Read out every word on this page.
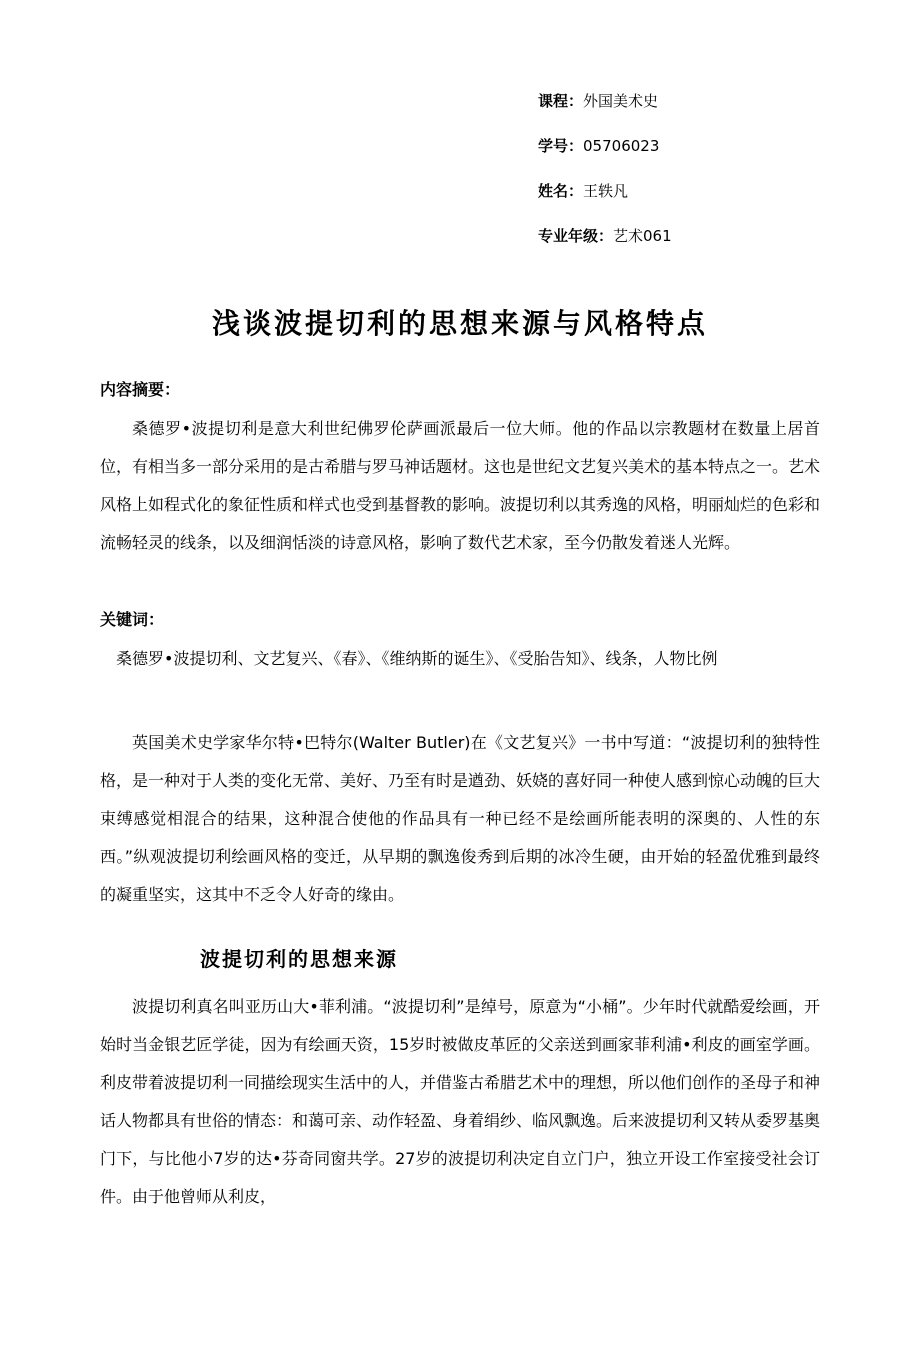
课程：外国美术史

学号：05706023

姓名：王轶凡

专业年级：艺术061

浅谈波提切利的思想来源与风格特点

内容摘要：

桑德罗•波提切利是意大利世纪佛罗伦萨画派最后一位大师。他的作品以宗教题材在数量上居首位，有相当多一部分采用的是古希腊与罗马神话题材。这也是世纪文艺复兴美术的基本特点之一。艺术风格上如程式化的象征性质和样式也受到基督教的影响。波提切利以其秀逸的风格，明丽灿烂的色彩和流畅轻灵的线条，以及细润恬淡的诗意风格，影响了数代艺术家，至今仍散发着迷人光辉。

关键词：

桑德罗•波提切利、文艺复兴、《春》、《维纳斯的诞生》、《受胎告知》、线条，人物比例

英国美术史学家华尔特•巴特尔(Walter Butler)在《文艺复兴》一书中写道：“波提切利的独特性格，是一种对于人类的变化无常、美好、乃至有时是遒劲、妖娆的喜好同一种使人感到惊心动魄的巨大束缚感觉相混合的结果，这种混合使他的作品具有一种已经不是绘画所能表明的深奥的、人性的东西。”纵观波提切利绘画风格的变迁，从早期的飘逸俊秀到后期的冰冷生硬，由开始的轻盈优雅到最终的凝重坚实，这其中不乏令人好奇的缘由。

波提切利的思想来源

波提切利真名叫亚历山大•菲利浦。“波提切利”是绰号，原意为“小桶”。少年时代就酷爱绘画，开始时当金银艺匠学徒，因为有绘画天资，15岁时被做皮革匠的父亲送到画家菲利浦•利皮的画室学画。利皮带着波提切利一同描绘现实生活中的人，并借鉴古希腊艺术中的理想，所以他们创作的圣母子和神话人物都具有世俗的情态：和蔼可亲、动作轻盈、身着绢纱、临风飘逸。后来波提切利又转从委罗基奥门下，与比他小7岁的达•芬奇同窗共学。27岁的波提切利决定自立门户，独立开设工作室接受社会订件。由于他曾师从利皮，
